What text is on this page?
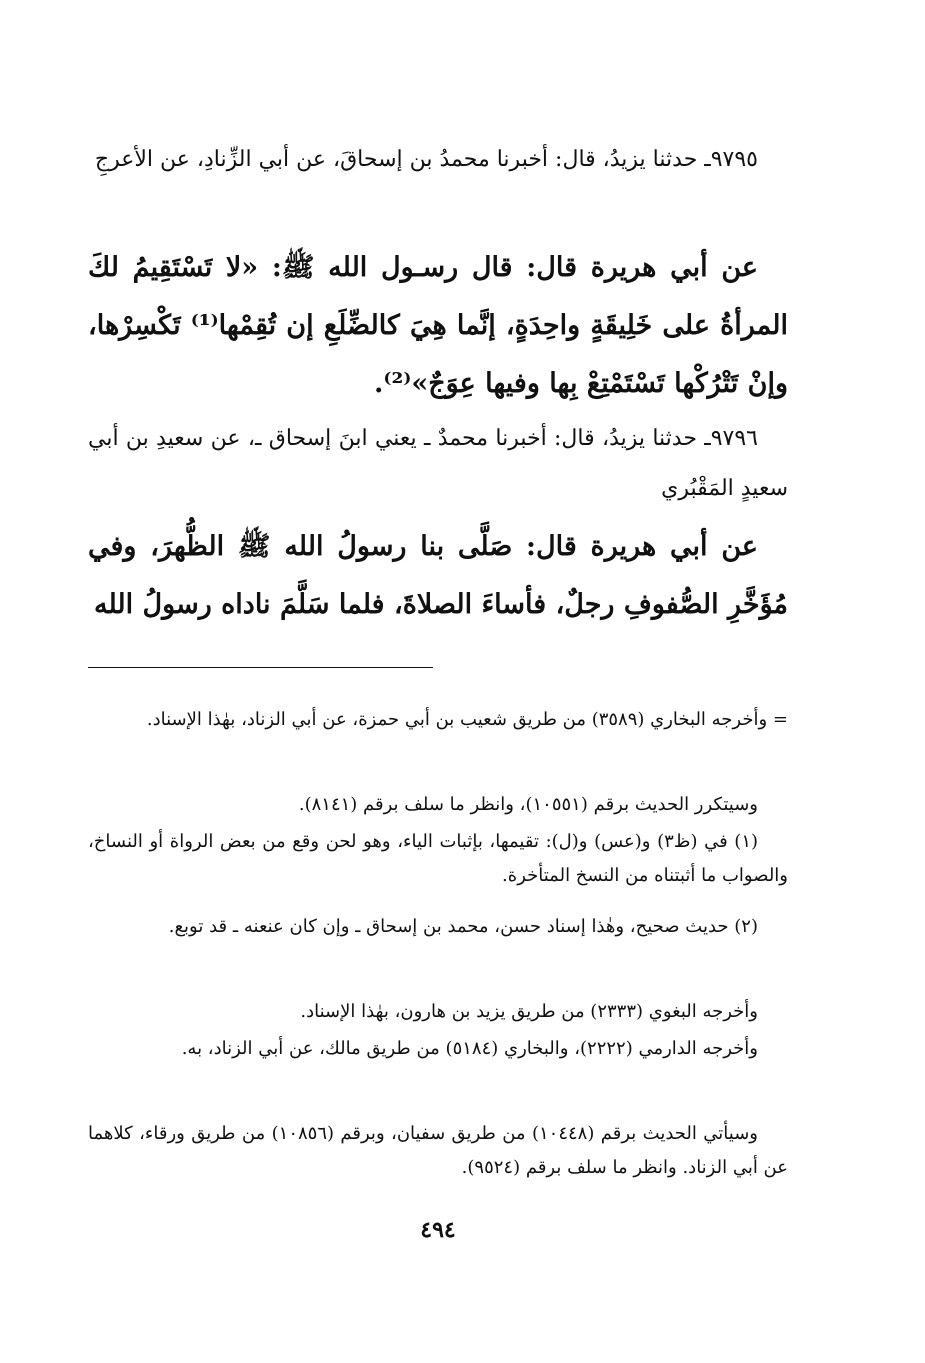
٩٧٩٥ـ حدثنا يزيدُ، قال: أخبرنا محمدُ بن إسحاقَ، عن أبي الزِّنادِ، عن الأعرجِ

عن أبي هريرة قال: قال رسـول الله ﷺ: «لا تَسْتَقِيمُ لكَ المرأةُ على خَلِيقَةٍ واحِدَةٍ، إنَّما هِيَ كالضِّلَعِ إن تُقِمْها⁽¹⁾ تَكْسِرْها، وإنْ تَتْرُكْها تَسْتَمْتِعْ بِها وفيها عِوَجٌ»⁽²⁾.

٩٧٩٦ـ حدثنا يزيدُ، قال: أخبرنا محمدٌ ـ يعني ابنَ إسحاق ـ، عن سعيدِ بن أبي سعيدٍ المَقْبُري

عن أبي هريرة قال: صَلَّى بنا رسولُ الله ﷺ الظُّهرَ، وفي مُؤَخَّرِ الصُّفوفِ رجلٌ، فأساءَ الصلاةَ، فلما سَلَّمَ ناداه رسولُ الله

= وأخرجه البخاري (٣٥٨٩) من طريق شعيب بن أبي حمزة، عن أبي الزناد، بهٰذا الإسناد.

وسيتكرر الحديث برقم (١٠٥٥١)، وانظر ما سلف برقم (٨١٤١).

(١) في (ظ٣) و(عس) و(ل): تقيمها، بإثبات الياء، وهو لحن وقع من بعض الرواة أو النساخ، والصواب ما أثبتناه من النسخ المتأخرة.

(٢) حديث صحيح، وهٰذا إسناد حسن، محمد بن إسحاق ـ وإن كان عنعنه ـ قد توبع.

وأخرجه البغوي (٢٣٣٣) من طريق يزيد بن هارون، بهٰذا الإسناد.

وأخرجه الدارمي (٢٢٢٢)، والبخاري (٥١٨٤) من طريق مالك، عن أبي الزناد، به.

وسيأتي الحديث برقم (١٠٤٤٨) من طريق سفيان، وبرقم (١٠٨٥٦) من طريق ورقاء، كلاهما عن أبي الزناد. وانظر ما سلف برقم (٩٥٢٤).

٤٩٤
